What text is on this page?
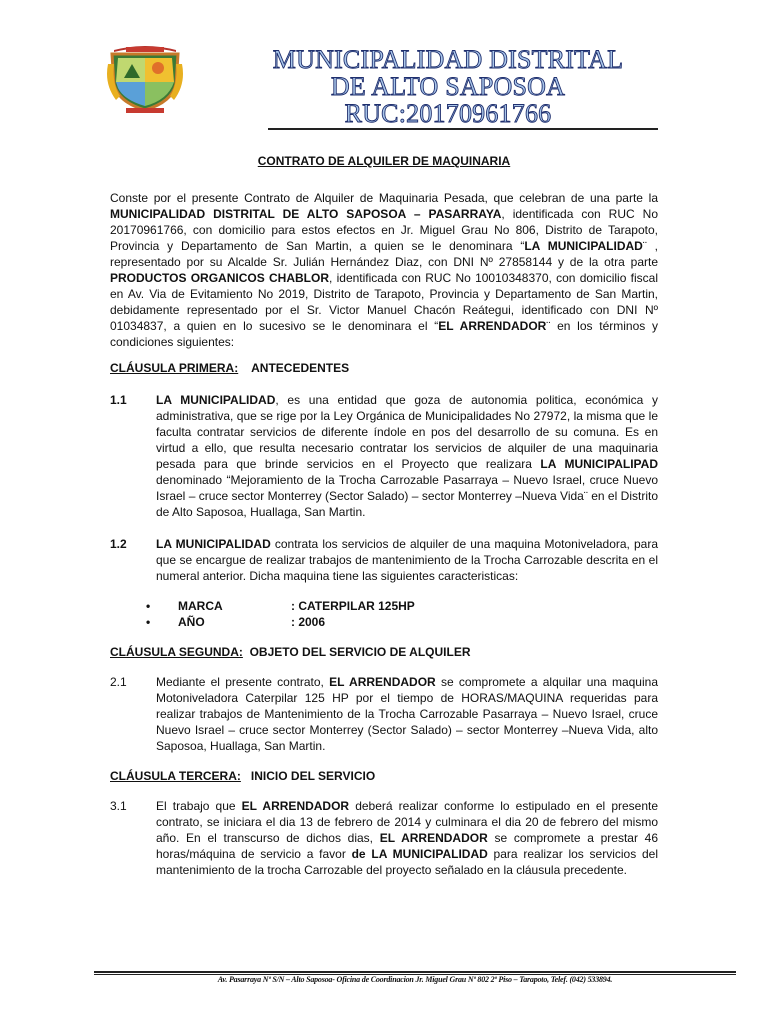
MUNICIPALIDAD DISTRITAL
DE ALTO SAPOSOA
RUC:20170961766
CONTRATO DE ALQUILER DE MAQUINARIA

Conste por el presente Contrato de Alquiler de Maquinaria Pesada, que celebran de una parte la MUNICIPALIDAD DISTRITAL DE ALTO SAPOSOA – PASARRAYA, identificada con RUC No 20170961766, con domicilio para estos efectos en Jr. Miguel Grau No 806, Distrito de Tarapoto, Provincia y Departamento de San Martin, a quien se le denominara “LA MUNICIPALIDAD¨ , representado por su Alcalde Sr. Julián Hernández Diaz, con DNI Nº 27858144 y de la otra parte PRODUCTOS ORGANICOS CHABLOR, identificada con RUC No 10010348370, con domicilio fiscal en Av. Via de Evitamiento No 2019, Distrito de Tarapoto, Provincia y Departamento de San Martin, debidamente representado por el Sr. Victor Manuel Chacón Reátegui, identificado con DNI Nº 01034837, a quien en lo sucesivo se le denominara el “EL ARRENDADOR¨ en los términos y condiciones siguientes:

CLÁUSULA PRIMERA: ANTECEDENTES

1.1 LA MUNICIPALIDAD, es una entidad que goza de autonomia politica, económica y administrativa, que se rige por la Ley Orgánica de Municipalidades No 27972, la misma que le faculta contratar servicios de diferente índole en pos del desarrollo de su comuna. Es en virtud a ello, que resulta necesario contratar los servicios de alquiler de una maquinaria pesada para que brinde servicios en el Proyecto que realizara LA MUNICIPALIPAD denominado “Mejoramiento de la Trocha Carrozable Pasarraya – Nuevo Israel, cruce Nuevo Israel – cruce sector Monterrey (Sector Salado) – sector Monterrey –Nueva Vida¨ en el Distrito de Alto Saposoa, Huallaga, San Martin.

1.2 LA MUNICIPALIDAD contrata los servicios de alquiler de una maquina Motoniveladora, para que se encargue de realizar trabajos de mantenimiento de la Trocha Carrozable descrita en el numeral anterior. Dicha maquina tiene las siguientes caracteristicas:

• MARCA	: CATERPILAR 125HP
• AÑO	: 2006

CLÁUSULA SEGUNDA: OBJETO DEL SERVICIO DE ALQUILER

2.1 Mediante el presente contrato, EL ARRENDADOR se compromete a alquilar una maquina Motoniveladora Caterpilar 125 HP por el tiempo de HORAS/MAQUINA requeridas para realizar trabajos de Mantenimiento de la Trocha Carrozable Pasarraya – Nuevo Israel, cruce Nuevo Israel – cruce sector Monterrey (Sector Salado) – sector Monterrey –Nueva Vida, alto Saposoa, Huallaga, San Martin.

CLÁUSULA TERCERA: INICIO DEL SERVICIO

3.1 El trabajo que EL ARRENDADOR deberá realizar conforme lo estipulado en el presente contrato, se iniciara el dia 13 de febrero de 2014 y culminara el dia 20 de febrero del mismo año. En el transcurso de dichos dias, EL ARRENDADOR se compromete a prestar 46 horas/máquina de servicio a favor de LA MUNICIPALIDAD para realizar los servicios del mantenimiento de la trocha Carrozable del proyecto señalado en la cláusula precedente.

Av. Pasarraya Nº S/N – Alto Saposoa- Oficina de Coordinacion Jr. Miguel Grau Nº 802 2º Piso – Tarapoto, Telef. (042) 533894.
